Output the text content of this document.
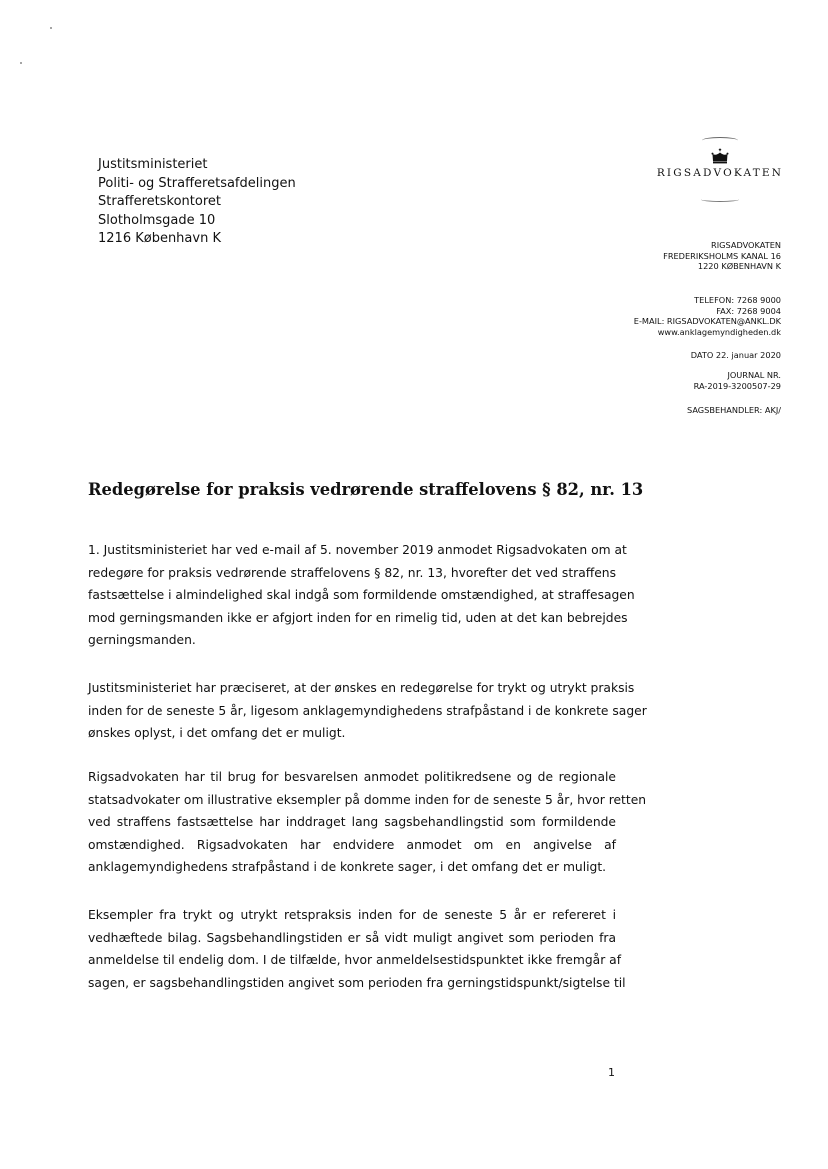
Justitsministeriet
Politi- og Strafferetsafdelingen
Strafferetskontoret
Slotholmsgade 10
1216 København K
RIGSADVOKATEN
RIGSADVOKATEN
FREDERIKSHOLMS KANAL 16
1220 KØBENHAVN K
TELEFON: 7268 9000
FAX: 7268 9004
E-MAIL: RIGSADVOKATEN@ANKL.DK
www.anklagemyndigheden.dk
DATO 22. januar 2020
JOURNAL NR.
RA-2019-3200507-29
SAGSBEHANDLER: AKJ/
Redegørelse for praksis vedrørende straffelovens § 82, nr. 13
1. Justitsministeriet har ved e-mail af 5. november 2019 anmodet Rigsadvokaten om at
redegøre for praksis vedrørende straffelovens § 82, nr. 13, hvorefter det ved straffens
fastsættelse i almindelighed skal indgå som formildende omstændighed, at straffesagen
mod gerningsmanden ikke er afgjort inden for en rimelig tid, uden at det kan bebrejdes
gerningsmanden.
Justitsministeriet har præciseret, at der ønskes en redegørelse for trykt og utrykt praksis
inden for de seneste 5 år, ligesom anklagemyndighedens strafpåstand i de konkrete sager
ønskes oplyst, i det omfang det er muligt.
Rigsadvokaten har til brug for besvarelsen anmodet politikredsene og de regionale
statsadvokater om illustrative eksempler på domme inden for de seneste 5 år, hvor retten
ved straffens fastsættelse har inddraget lang sagsbehandlingstid som formildende
omstændighed. Rigsadvokaten har endvidere anmodet om en angivelse af
anklagemyndighedens strafpåstand i de konkrete sager, i det omfang det er muligt.
Eksempler fra trykt og utrykt retspraksis inden for de seneste 5 år er refereret i
vedhæftede bilag. Sagsbehandlingstiden er så vidt muligt angivet som perioden fra
anmeldelse til endelig dom. I de tilfælde, hvor anmeldelsestidspunktet ikke fremgår af
sagen, er sagsbehandlingstiden angivet som perioden fra gerningstidspunkt/sigtelse til
1
